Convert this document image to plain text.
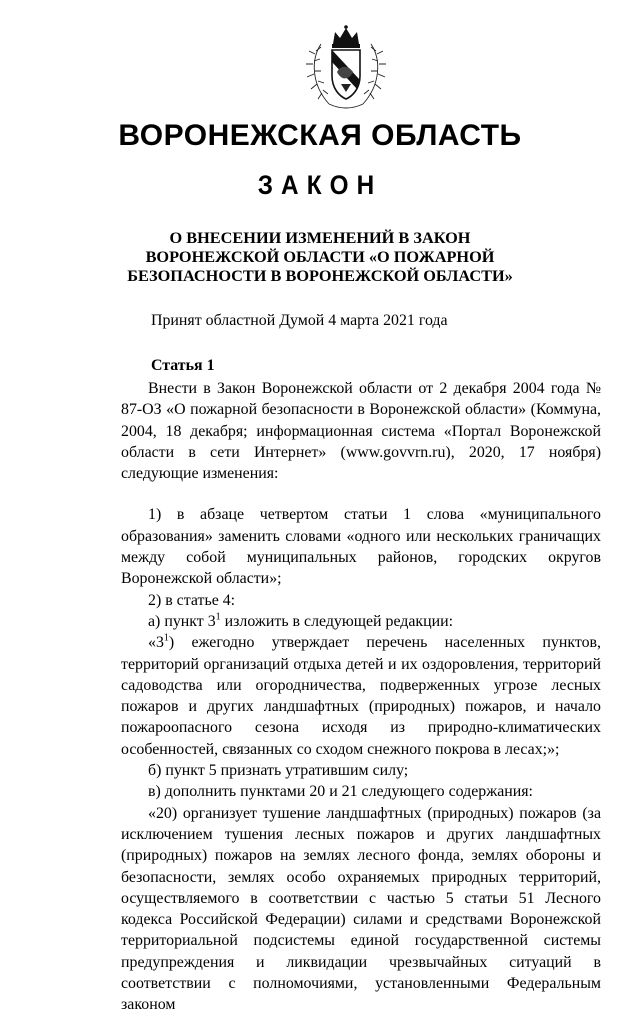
ВОРОНЕЖСКАЯ ОБЛАСТЬ
ЗАКОН
О ВНЕСЕНИИ ИЗМЕНЕНИЙ В ЗАКОН
ВОРОНЕЖСКОЙ ОБЛАСТИ «О ПОЖАРНОЙ
БЕЗОПАСНОСТИ В ВОРОНЕЖСКОЙ ОБЛАСТИ»
Принят областной Думой 4 марта 2021 года
Статья 1

Внести в Закон Воронежской области от 2 декабря 2004 года № 87-ОЗ «О пожарной безопасности в Воронежской области» (Коммуна, 2004, 18 декабря; информационная система «Портал Воронежской области в сети Интернет» (www.govvrn.ru), 2020, 17 ноября) следующие изменения:

1) в абзаце четвертом статьи 1 слова «муниципального образования» заменить словами «одного или нескольких граничащих между собой муниципальных районов, городских округов Воронежской области»;

2) в статье 4:

а) пункт $3^1$ изложить в следующей редакции:

«$3^1$) ежегодно утверждает перечень населенных пунктов, территорий организаций отдыха детей и их оздоровления, территорий садоводства или огородничества, подверженных угрозе лесных пожаров и других ландшафтных (природных) пожаров, и начало пожароопасного сезона исходя из природно-климатических особенностей, связанных со сходом снежного покрова в лесах;»;

б) пункт 5 признать утратившим силу;

в) дополнить пунктами 20 и 21 следующего содержания:

«20) организует тушение ландшафтных (природных) пожаров (за исключением тушения лесных пожаров и других ландшафтных (природных) пожаров на землях лесного фонда, землях обороны и безопасности, землях особо охраняемых природных территорий, осуществляемого в соответствии с частью 5 статьи 51 Лесного кодекса Российской Федерации) силами и средствами Воронежской территориальной подсистемы единой государственной системы предупреждения и ликвидации чрезвычайных ситуаций в соответствии с полномочиями, установленными Федеральным законом
